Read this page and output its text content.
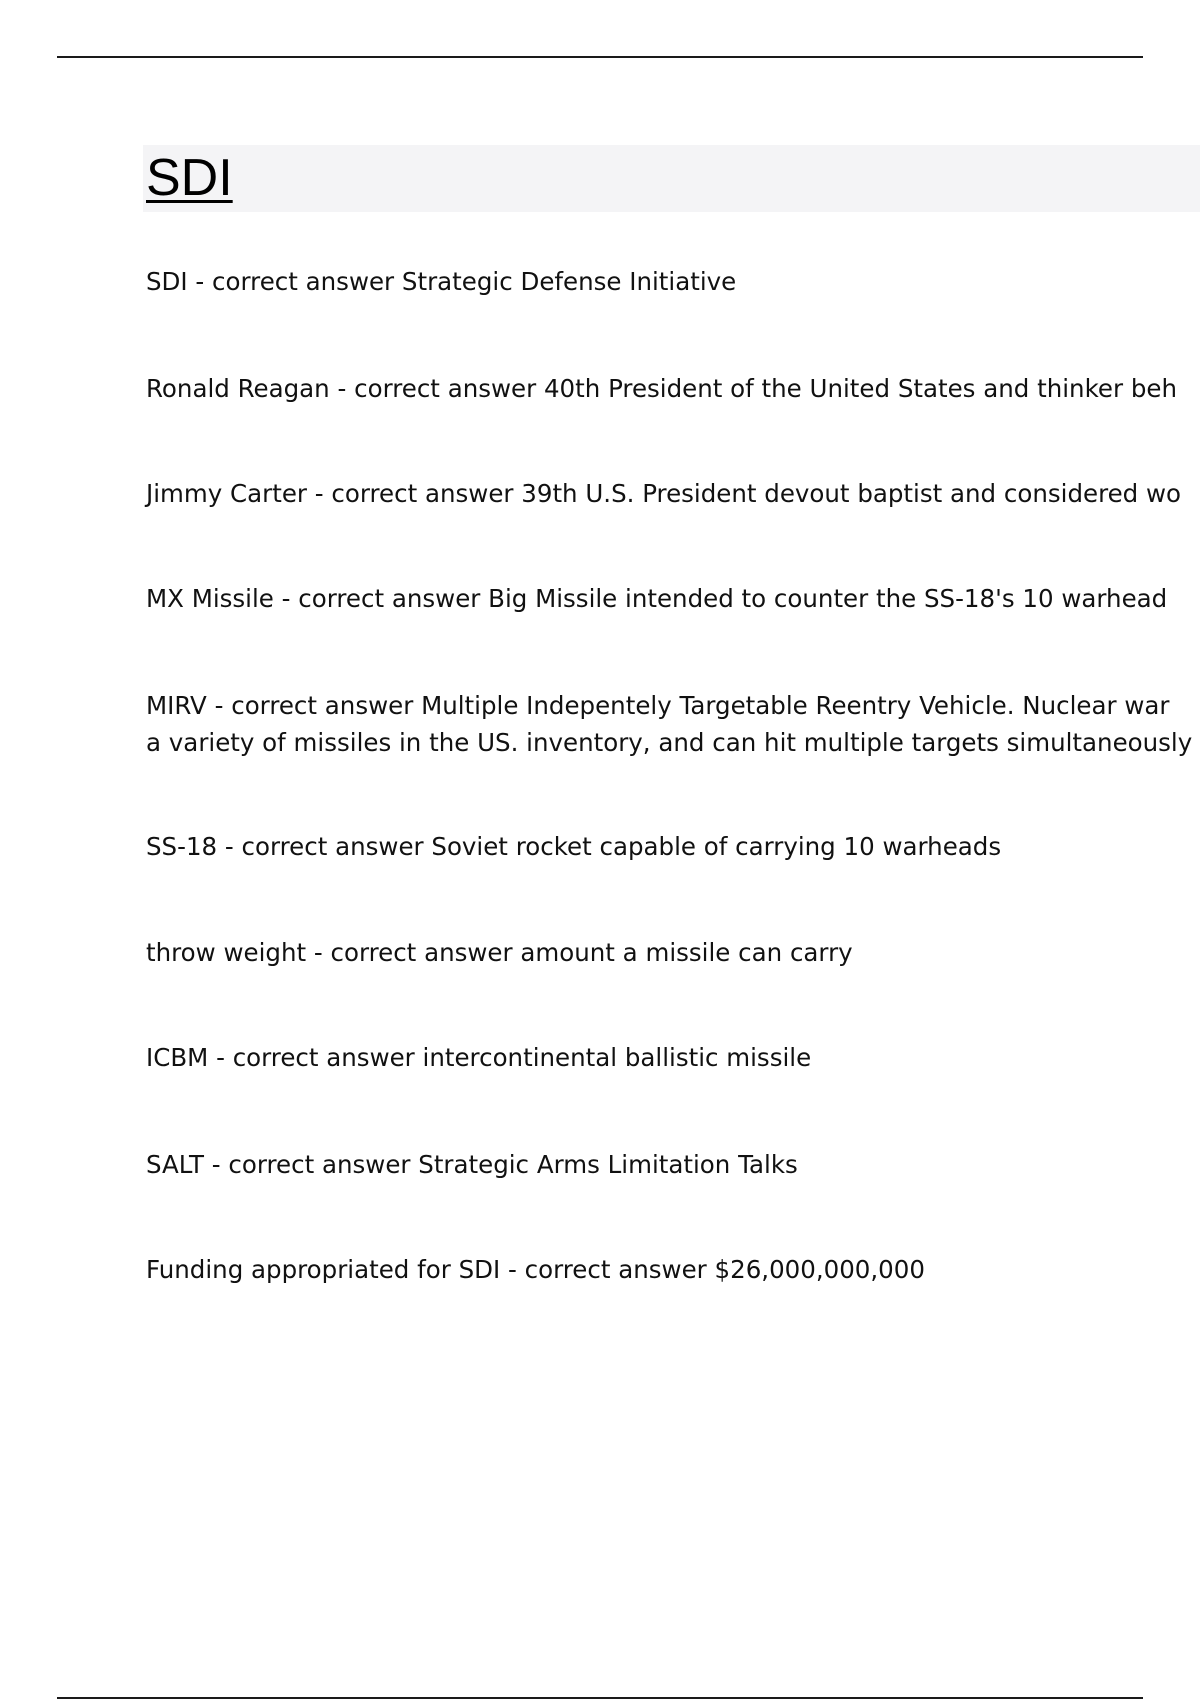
SDI
SDI - correct answer Strategic Defense Initiative
Ronald Reagan - correct answer 40th President of the United States and thinker beh
Jimmy Carter - correct answer 39th U.S. President devout baptist and considered wo
MX Missile - correct answer Big Missile intended to counter the SS-18's 10 warhead
MIRV - correct answer Multiple Indepentely Targetable Reentry Vehicle. Nuclear war
a variety of missiles in the US. inventory, and can hit multiple targets simultaneously
SS-18 - correct answer Soviet rocket capable of carrying 10 warheads
throw weight - correct answer amount a missile can carry
ICBM - correct answer intercontinental ballistic missile
SALT - correct answer Strategic Arms Limitation Talks
Funding appropriated for SDI - correct answer $26,000,000,000
